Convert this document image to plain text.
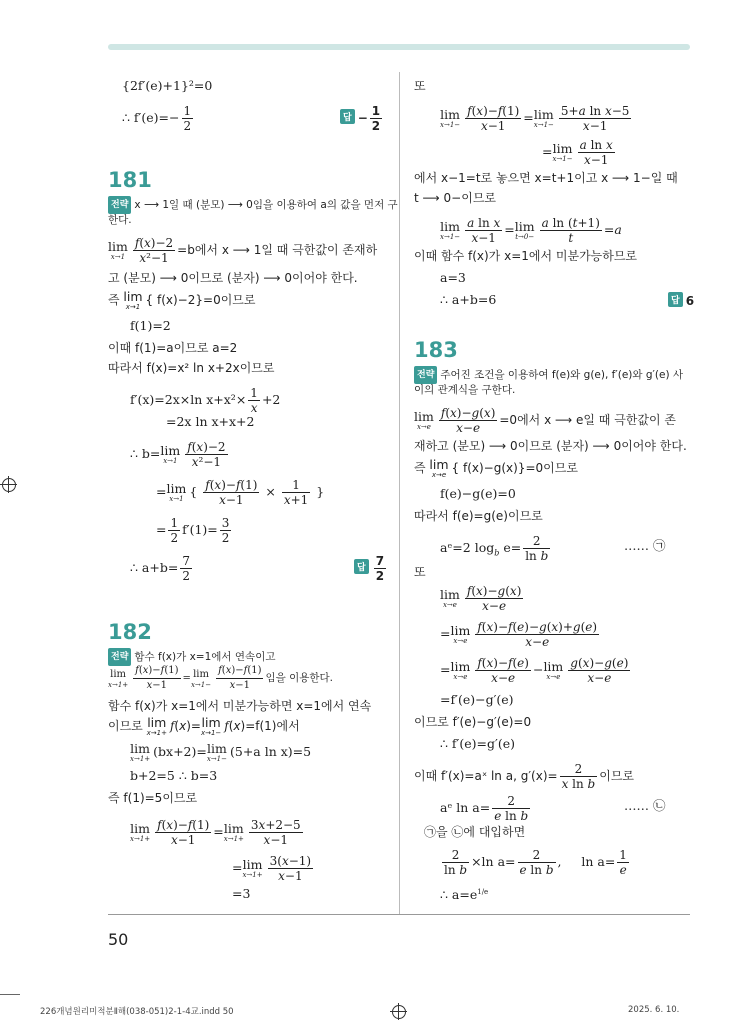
{2f′(e)+1}²=0
∴ $f'(e)=- \frac{1}{2}$	답 − $\frac{1}{2}$
181
전략 x ⟶ 1일 때 (분모) ⟶ 0임을 이용하여 a의 값을 먼저 구
한다.
lim
$x\to 1 \frac{f(x)-2}{\text{x²−1}} =b$에서 x ⟶ 1일 때 극한값이 존재하
고 (분모) ⟶ 0이므로 (분자) ⟶ 0이어야 한다.
즉 lim
x→1 { f(x)−2}=0이므로
f(1)=2
이때 f(1)=a이므로 a=2
따라서 f(x)=x² ln x+2x이므로
f′(x)=2x×ln $x+x^2\times \frac{1}{x} +2$
=2x ln x+x+2
∴ b= lim
$x\to 1 \frac{f(x)-2}{\text{x²−1}}$
= lim
x→1 { $\frac{f(x)-f(1)}{x-1} \times \frac{1}{x+1}$ }
= $\frac{1}{2} f'(1)= \frac{3}{2}$
∴ $a+b= \frac{7}{2}$	답 $\frac{7}{2}$
182
전략 함수 f(x)가 x=1에서 연속이고
lim
$x\to 1+ \frac{f(x)-f(1)}{x-1} = \lim$
$x\to 1- \frac{f(x)-f(1)}{x-1}$ 임을 이용한다.
함수 f(x)가 x=1에서 미분가능하면 x=1에서 연속
이므로 lim
x→1+ f(x)= lim
x→1− f(x)=f(1)에서
lim
x→1+ (bx+2)= lim
x→1− (5+a ln x)=5
b+2=5 ∴ b=3
즉 f(1)=5이므로
lim
$x\to 1+ \frac{f(x)-f(1)}{x-1} = \lim$
$x\to 1+ \frac{3x+2-5}{x-1}$
= lim
$x\to 1+ \frac{3(x-1)}{x-1}$
=3
또
lim
$x\to 1- \frac{f(x)-f(1)}{x-1} = \lim$
$x\to 1- \frac{\text{5+a ln x−5}}{x-1}$
= lim
$x\to 1- \frac{\text{a ln x}}{x-1}$
에서 x−1=t로 놓으면 x=t+1이고 x ⟶ 1−일 때
t ⟶ 0−이므로
lim
$x\to 1- \frac{\text{a ln x}}{x-1} = \lim$
$t\to 0- \frac{\text{a ln (t+1)}}{t} =a$
이때 함수 f(x)가 x=1에서 미분가능하므로
a=3
∴ a+b=6	답 6
183
전략 주어진 조건을 이용하여 f(e)와 g(e), f′(e)와 g′(e) 사
이의 관계식을 구한다.
lim
$x\to e \frac{f(x)-g(x)}{x-e} =0$에서 x ⟶ e일 때 극한값이 존
재하고 (분모) ⟶ 0이므로 (분자) ⟶ 0이어야 한다.
즉 lim
x→e { f(x)−g(x)}=0이므로
f(e)−g(e)=0
따라서 f(e)=g(e)이므로
aᵉ=2 $\log_b e= \frac{2}{\text{ln b}}$	…… ㉠
또
lim
$x\to e \frac{f(x)-g(x)}{x-e}$
= lim
$x\to e \frac{f(x)-f(e)-g(x)+g(e)}{x-e}$
= lim
$x\to e \frac{f(x)-f(e)}{x-e} - \lim$
$x\to e \frac{g(x)-g(e)}{x-e}$
=f′(e)−g′(e)
이므로 f′(e)−g′(e)=0
∴ f′(e)=g′(e)
이때 f′(x)=aˣ ln a, $g'(x)= \frac{2}{\text{x ln b}}$ 이므로
aᵉ $\ln a= \frac{2}{\text{e ln b}}$	…… ㉡
㉠을 ㉡에 대입하면
$\frac{2}{\text{ln b}} \times\ln$ $a= \frac{2}{\text{e ln b}}$ ,     $\ln a= \frac{1}{e}$
∴ $a=e^{1/e}$
50
226개념원리미적분Ⅱ해(038-051)2-1-4교.indd 50	2025. 6. 10.
